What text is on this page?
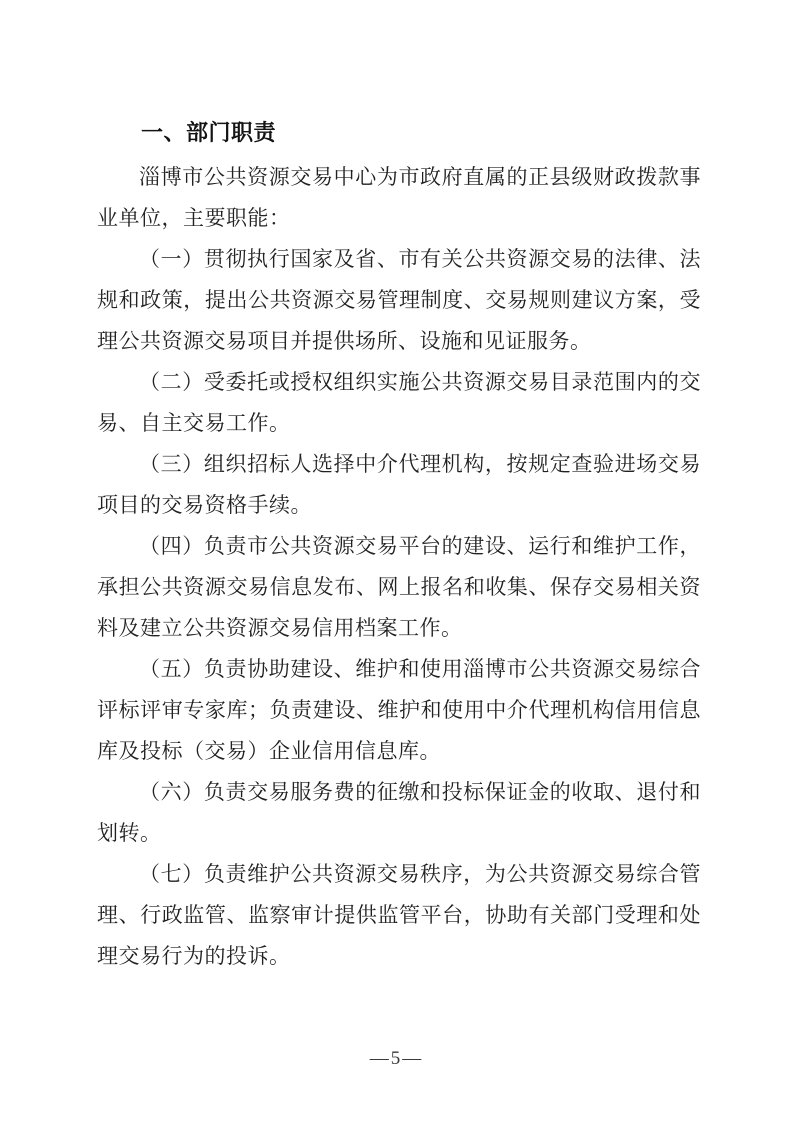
一、部门职责

淄博市公共资源交易中心为市政府直属的正县级财政拨款事业单位，主要职能：

（一）贯彻执行国家及省、市有关公共资源交易的法律、法规和政策，提出公共资源交易管理制度、交易规则建议方案，受理公共资源交易项目并提供场所、设施和见证服务。

（二）受委托或授权组织实施公共资源交易目录范围内的交易、自主交易工作。

（三）组织招标人选择中介代理机构，按规定查验进场交易项目的交易资格手续。

（四）负责市公共资源交易平台的建设、运行和维护工作，承担公共资源交易信息发布、网上报名和收集、保存交易相关资料及建立公共资源交易信用档案工作。

（五）负责协助建设、维护和使用淄博市公共资源交易综合评标评审专家库；负责建设、维护和使用中介代理机构信用信息库及投标（交易）企业信用信息库。

（六）负责交易服务费的征缴和投标保证金的收取、退付和划转。

（七）负责维护公共资源交易秩序，为公共资源交易综合管理、行政监管、监察审计提供监管平台，协助有关部门受理和处理交易行为的投诉。

—5—
